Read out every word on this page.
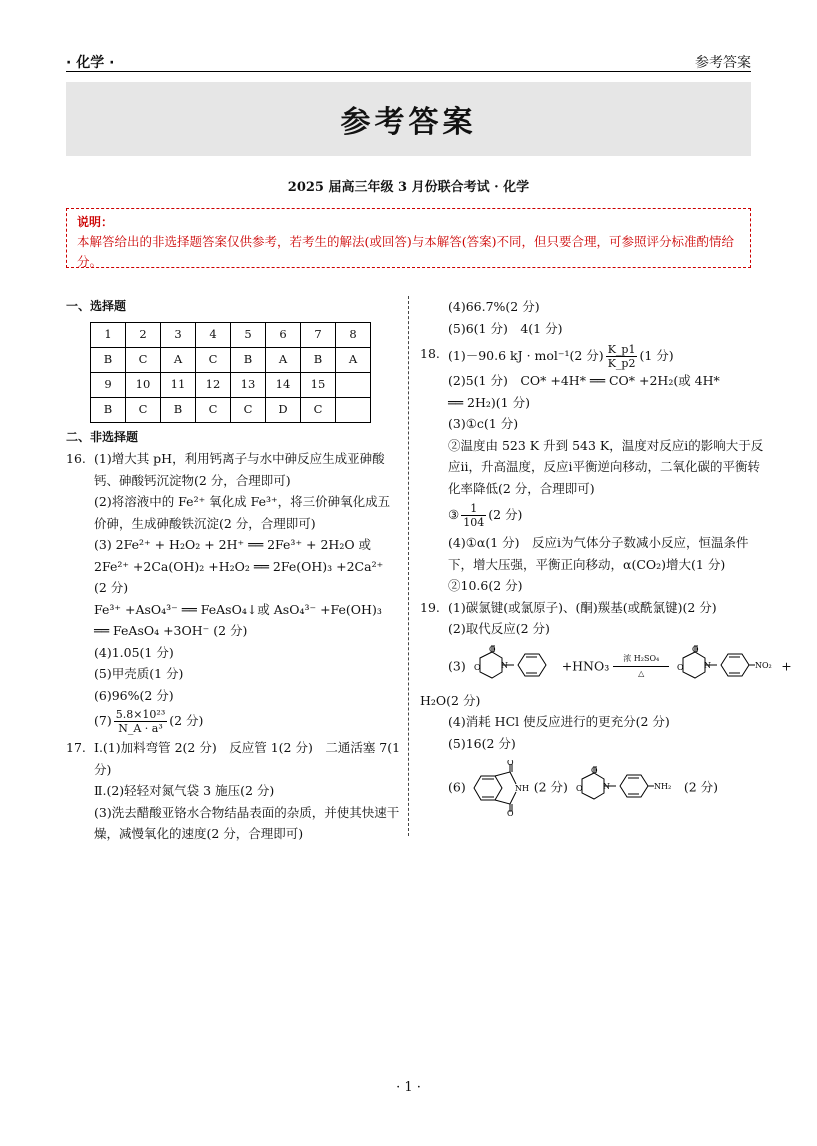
· 化学 ·	参考答案
参考答案
2025 届高三年级 3 月份联合考试 · 化学
说明：
本解答给出的非选择题答案仅供参考，若考生的解法(或回答)与本解答(答案)不同，但只要合理，可参照评分标准酌情给分。
一、选择题
1	2	3	4	5	6	7	8
B	C	A	C	B	A	B	A
9	10	11	12	13	14	15	
B	C	B	C	C	D	C	
二、非选择题
16. (1)增大其 pH，利用钙离子与水中砷反应生成亚砷酸钙、砷酸钙沉淀物(2 分，合理即可)
(2)将溶液中的 Fe²⁺ 氧化成 Fe³⁺，将三价砷氧化成五价砷，生成砷酸铁沉淀(2 分，合理即可)
(3) 2Fe²⁺ + H₂O₂ + 2H⁺ ══ 2Fe³⁺ + 2H₂O 或
2Fe²⁺ +2Ca(OH)₂ +H₂O₂ ══ 2Fe(OH)₃ +2Ca²⁺
(2 分)
Fe³⁺ +AsO₄³⁻ ══ FeAsO₄↓或 AsO₄³⁻ +Fe(OH)₃
══ FeAsO₄ +3OH⁻ (2 分)
(4)1.05(1 分)
(5)甲壳质(1 分)
(6)96%(2 分)
$(7) \frac{\text{5.8×10²³}}{\text{N\_A · a³}} (2$ 分)
17. Ⅰ.(1)加料弯管 2(2 分)　反应管 1(2 分)　二通活塞 7(1 分)
Ⅱ.(2)轻轻对氮气袋 3 施压(2 分)
(3)洗去醋酸亚铬水合物结晶表面的杂质，并使其快速干燥，减慢氧化的速度(2 分，合理即可)
(4)66.7%(2 分)
(5)6(1 分)　4(1 分)
18. (1)－90.6 kJ · mol⁻¹(2 分) $\frac{K\_p1}{K\_p2} (1$ 分)
(2)5(1 分)　CO* +4H* ══ CO* +2H₂(或 4H*
══ 2H₂)(1 分)
(3)①c(1 分)
②温度由 523 K 升到 543 K，温度对反应ⅰ的影响大于反应ⅱ，升高温度，反应ⅰ平衡逆向移动，二氧化碳的平衡转化率降低(2 分，合理即可)
③ $\frac{1}{104} (2$ 分)
(4)①α(1 分)　反应ⅰ为气体分子数减小反应，恒温条件下，增大压强，平衡正向移动，α(CO₂)增大(1 分)
②10.6(2 分)
19. (1)碳氯键(或氯原子)、(酮)羰基(或酰氯键)(2 分)
(2)取代反应(2 分)
(3)
O
O	N	+HNO₃	浓 H₂SO₄
△

O
O	N	NO₂ +
H₂O(2 分)
(4)消耗 HCl 使反应进行的更充分(2 分)
(5)16(2 分)
(6)
O
O
NH (2 分)
O
O	N	NH₂ (2 分)
· 1 ·
